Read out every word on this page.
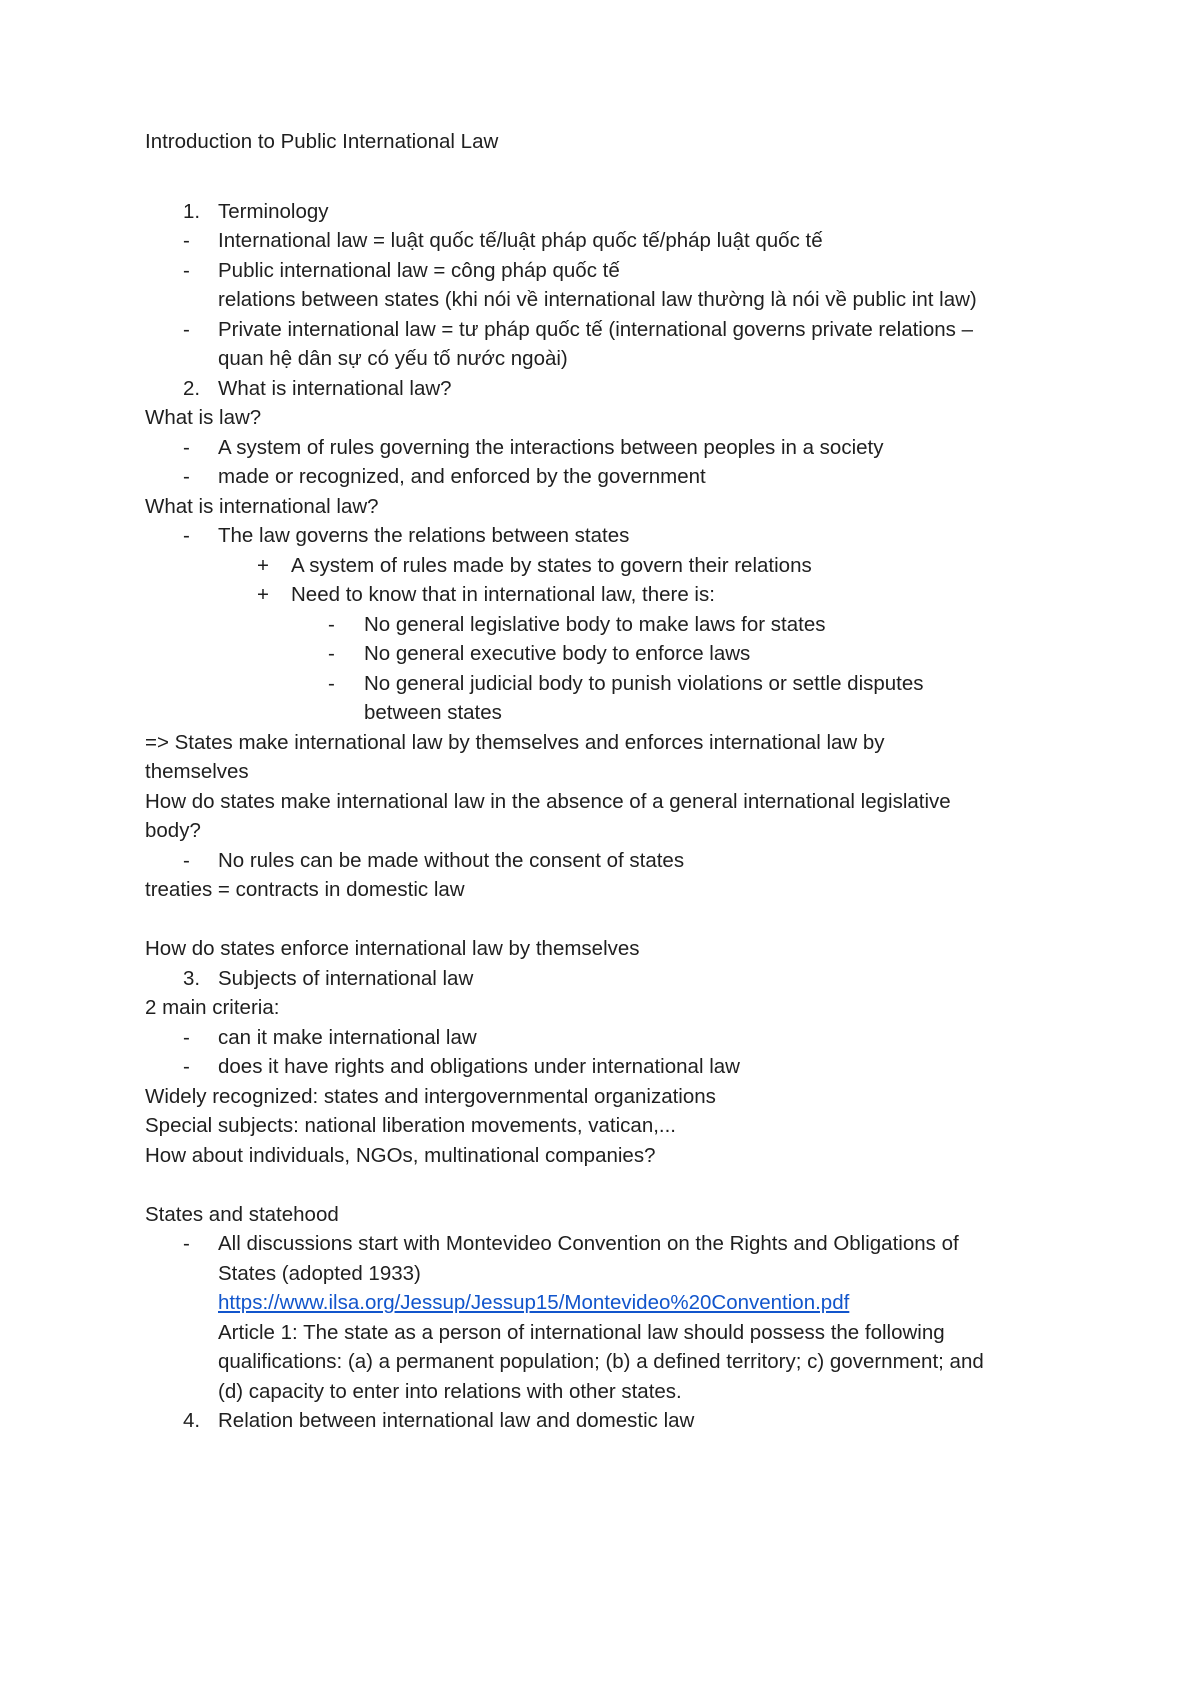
Introduction to Public International Law
1. Terminology
- International law = luật quốc tế/luật pháp quốc tế/pháp luật quốc tế
- Public international law = công pháp quốc tế
relations between states (khi nói về international law thường là nói về public int law)
- Private international law = tư pháp quốc tế (international governs private relations –
quan hệ dân sự có yếu tố nước ngoài)
2. What is international law?
What is law?
- A system of rules governing the interactions between peoples in a society
- made or recognized, and enforced by the government
What is international law?
- The law governs the relations between states
+ A system of rules made by states to govern their relations
+ Need to know that in international law, there is:
- No general legislative body to make laws for states
- No general executive body to enforce laws
- No general judicial body to punish violations or settle disputes
between states
=> States make international law by themselves and enforces international law by
themselves
How do states make international law in the absence of a general international legislative
body?
- No rules can be made without the consent of states
treaties = contracts in domestic law
How do states enforce international law by themselves
3. Subjects of international law
2 main criteria:
- can it make international law
- does it have rights and obligations under international law
Widely recognized: states and intergovernmental organizations
Special subjects: national liberation movements, vatican,...
How about individuals, NGOs, multinational companies?
States and statehood
- All discussions start with Montevideo Convention on the Rights and Obligations of
States (adopted 1933)
https://www.ilsa.org/Jessup/Jessup15/Montevideo%20Convention.pdf
Article 1: The state as a person of international law should possess the following
qualifications: (a) a permanent population; (b) a defined territory; c) government; and
(d) capacity to enter into relations with other states.
4. Relation between international law and domestic law
